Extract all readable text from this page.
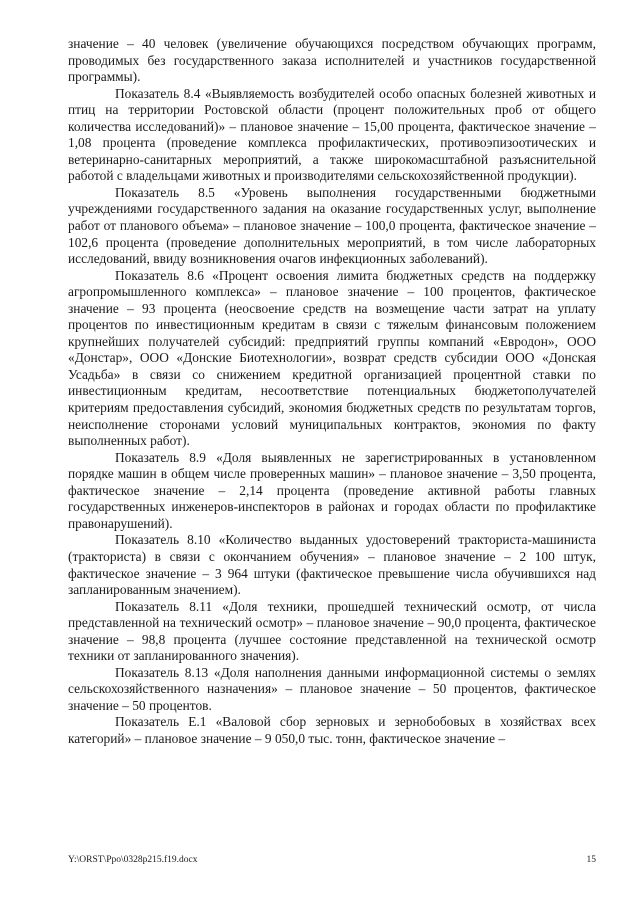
значение – 40 человек (увеличение обучающихся посредством обучающих программ, проводимых без государственного заказа исполнителей и участников государственной программы).

Показатель 8.4 «Выявляемость возбудителей особо опасных болезней животных и птиц на территории Ростовской области (процент положительных проб от общего количества исследований)» – плановое значение – 15,00 процента, фактическое значение – 1,08 процента (проведение комплекса профилактических, противоэпизоотических и ветеринарно-санитарных мероприятий, а также широкомасштабной разъяснительной работой с владельцами животных и производителями сельскохозяйственной продукции).

Показатель 8.5 «Уровень выполнения государственными бюджетными учреждениями государственного задания на оказание государственных услуг, выполнение работ от планового объема» – плановое значение – 100,0 процента, фактическое значение – 102,6 процента (проведение дополнительных мероприятий, в том числе лабораторных исследований, ввиду возникновения очагов инфекционных заболеваний).

Показатель 8.6 «Процент освоения лимита бюджетных средств на поддержку агропромышленного комплекса» – плановое значение – 100 процентов, фактическое значение – 93 процента (неосвоение средств на возмещение части затрат на уплату процентов по инвестиционным кредитам в связи с тяжелым финансовым положением крупнейших получателей субсидий: предприятий группы компаний «Евродон», ООО «Донстар», ООО «Донские Биотехнологии», возврат средств субсидии ООО «Донская Усадьба» в связи со снижением кредитной организацией процентной ставки по инвестиционным кредитам, несоответствие потенциальных бюджетополучателей критериям предоставления субсидий, экономия бюджетных средств по результатам торгов, неисполнение сторонами условий муниципальных контрактов, экономия по факту выполненных работ).

Показатель 8.9 «Доля выявленных не зарегистрированных в установленном порядке машин в общем числе проверенных машин» – плановое значение – 3,50 процента, фактическое значение – 2,14 процента (проведение активной работы главных государственных инженеров-инспекторов в районах и городах области по профилактике правонарушений).

Показатель 8.10 «Количество выданных удостоверений тракториста-машиниста (тракториста) в связи с окончанием обучения» – плановое значение – 2 100 штук, фактическое значение – 3 964 штуки (фактическое превышение числа обучившихся над запланированным значением).

Показатель 8.11 «Доля техники, прошедшей технический осмотр, от числа представленной на технический осмотр» – плановое значение – 90,0 процента, фактическое значение – 98,8 процента (лучшее состояние представленной на технической осмотр техники от запланированного значения).

Показатель 8.13 «Доля наполнения данными информационной системы о землях сельскохозяйственного назначения» – плановое значение – 50 процентов, фактическое значение – 50 процентов.

Показатель Е.1 «Валовой сбор зерновых и зернобобовых в хозяйствах всех категорий» – плановое значение – 9 050,0 тыс. тонн, фактическое значение –

Y:\ORST\Ppo\0328p215.f19.docx	15
